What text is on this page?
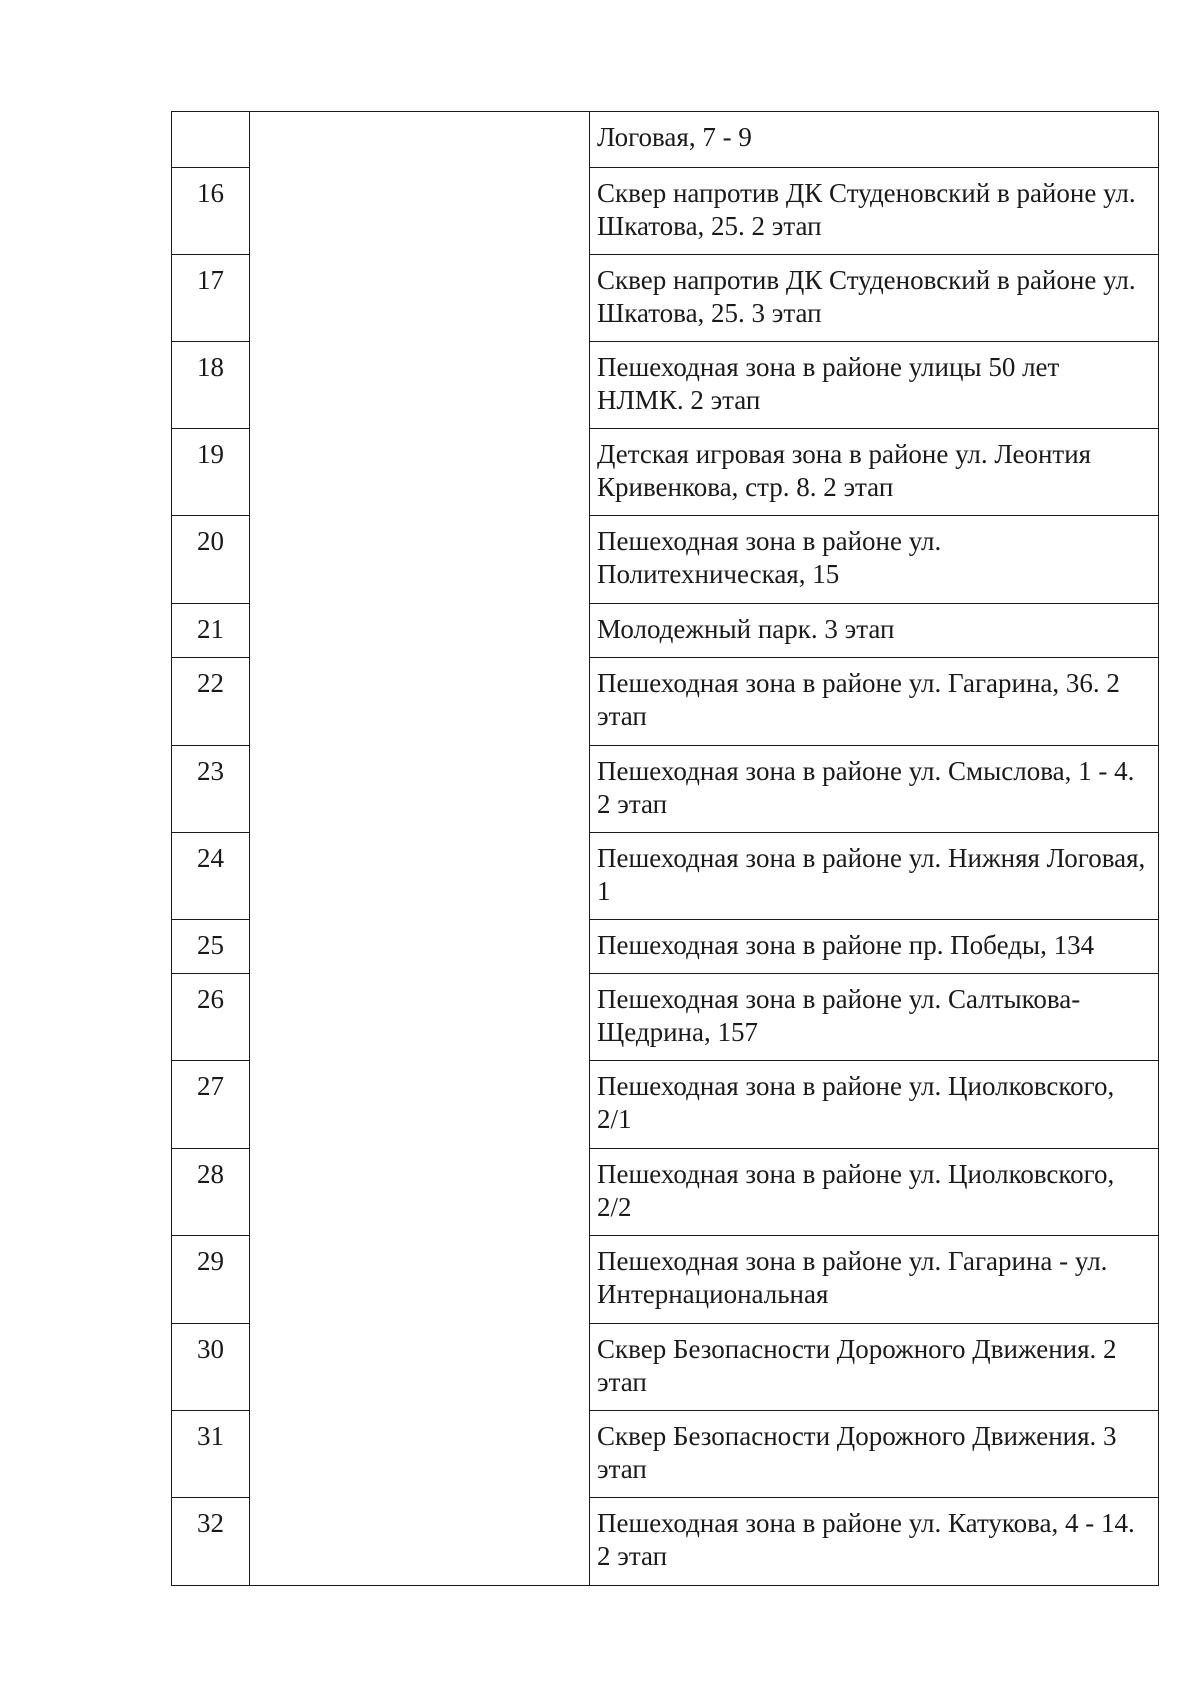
		Логовая, 7 - 9
16		Сквер напротив ДК Студеновский в районе ул. Шкатова, 25. 2 этап
17		Сквер напротив ДК Студеновский в районе ул. Шкатова, 25. 3 этап
18		Пешеходная зона в районе улицы 50 лет НЛМК. 2 этап
19		Детская игровая зона в районе ул. Леонтия Кривенкова, стр. 8. 2 этап
20		Пешеходная зона в районе ул. Политехническая, 15
21		Молодежный парк. 3 этап
22		Пешеходная зона в районе ул. Гагарина, 36. 2 этап
23		Пешеходная зона в районе ул. Смыслова, 1 - 4. 2 этап
24		Пешеходная зона в районе ул. Нижняя Логовая, 1
25		Пешеходная зона в районе пр. Победы, 134
26		Пешеходная зона в районе ул. Салтыкова-Щедрина, 157
27		Пешеходная зона в районе ул. Циолковского, 2/1
28		Пешеходная зона в районе ул. Циолковского, 2/2
29		Пешеходная зона в районе ул. Гагарина - ул. Интернациональная
30		Сквер Безопасности Дорожного Движения. 2 этап
31		Сквер Безопасности Дорожного Движения. 3 этап
32		Пешеходная зона в районе ул. Катукова, 4 - 14. 2 этап
